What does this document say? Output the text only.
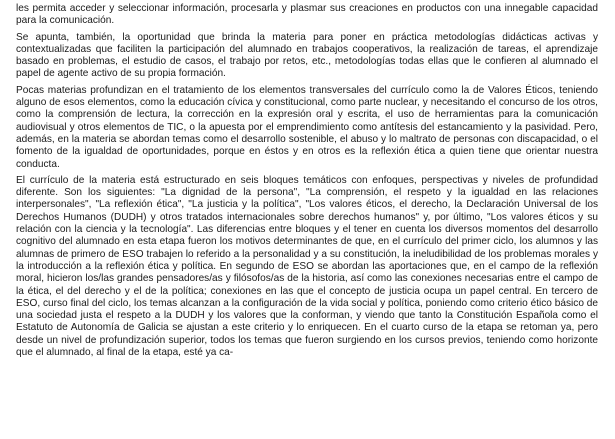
les permita acceder y seleccionar información, procesarla y plasmar sus creaciones en productos con una innegable capacidad para la comunicación.

Se apunta, también, la oportunidad que brinda la materia para poner en práctica metodologías didácticas activas y contextualizadas que faciliten la participación del alumnado en trabajos cooperativos, la realización de tareas, el aprendizaje basado en problemas, el estudio de casos, el trabajo por retos, etc., metodologías todas ellas que le confieren al alumnado el papel de agente activo de su propia formación.

Pocas materias profundizan en el tratamiento de los elementos transversales del currículo como la de Valores Éticos, teniendo alguno de esos elementos, como la educación cívica y constitucional, como parte nuclear, y necesitando el concurso de los otros, como la comprensión de lectura, la corrección en la expresión oral y escrita, el uso de herramientas para la comunicación audiovisual y otros elementos de TIC, o la apuesta por el emprendimiento como antítesis del estancamiento y la pasividad. Pero, además, en la materia se abordan temas como el desarrollo sostenible, el abuso y lo maltrato de personas con discapacidad, o el fomento de la igualdad de oportunidades, porque en éstos y en otros es la reflexión ética a quien tiene que orientar nuestra conducta.

El currículo de la materia está estructurado en seis bloques temáticos con enfoques, perspectivas y niveles de profundidad diferente. Son los siguientes: "La dignidad de la persona", "La comprensión, el respeto y la igualdad en las relaciones interpersonales", "La reflexión ética", "La justicia y la política", "Los valores éticos, el derecho, la Declaración Universal de los Derechos Humanos (DUDH) y otros tratados internacionales sobre derechos humanos" y, por último, "Los valores éticos y su relación con la ciencia y la tecnología". Las diferencias entre bloques y el tener en cuenta los diversos momentos del desarrollo cognitivo del alumnado en esta etapa fueron los motivos determinantes de que, en el currículo del primer ciclo, los alumnos y las alumnas de primero de ESO trabajen lo referido a la personalidad y a su constitución, la ineludibilidad de los problemas morales y la introducción a la reflexión ética y política. En segundo de ESO se abordan las aportaciones que, en el campo de la reflexión moral, hicieron los/las grandes pensadores/as y filósofos/as de la historia, así como las conexiones necesarias entre el campo de la ética, el del derecho y el de la política; conexiones en las que el concepto de justicia ocupa un papel central. En tercero de ESO, curso final del ciclo, los temas alcanzan a la configuración de la vida social y política, poniendo como criterio ético básico de una sociedad justa el respeto a la DUDH y los valores que la conforman, y viendo que tanto la Constitución Española como el Estatuto de Autonomía de Galicia se ajustan a este criterio y lo enriquecen. En el cuarto curso de la etapa se retoman ya, pero desde un nivel de profundización superior, todos los temas que fueron surgiendo en los cursos previos, teniendo como horizonte que el alumnado, al final de la etapa, esté ya ca-
